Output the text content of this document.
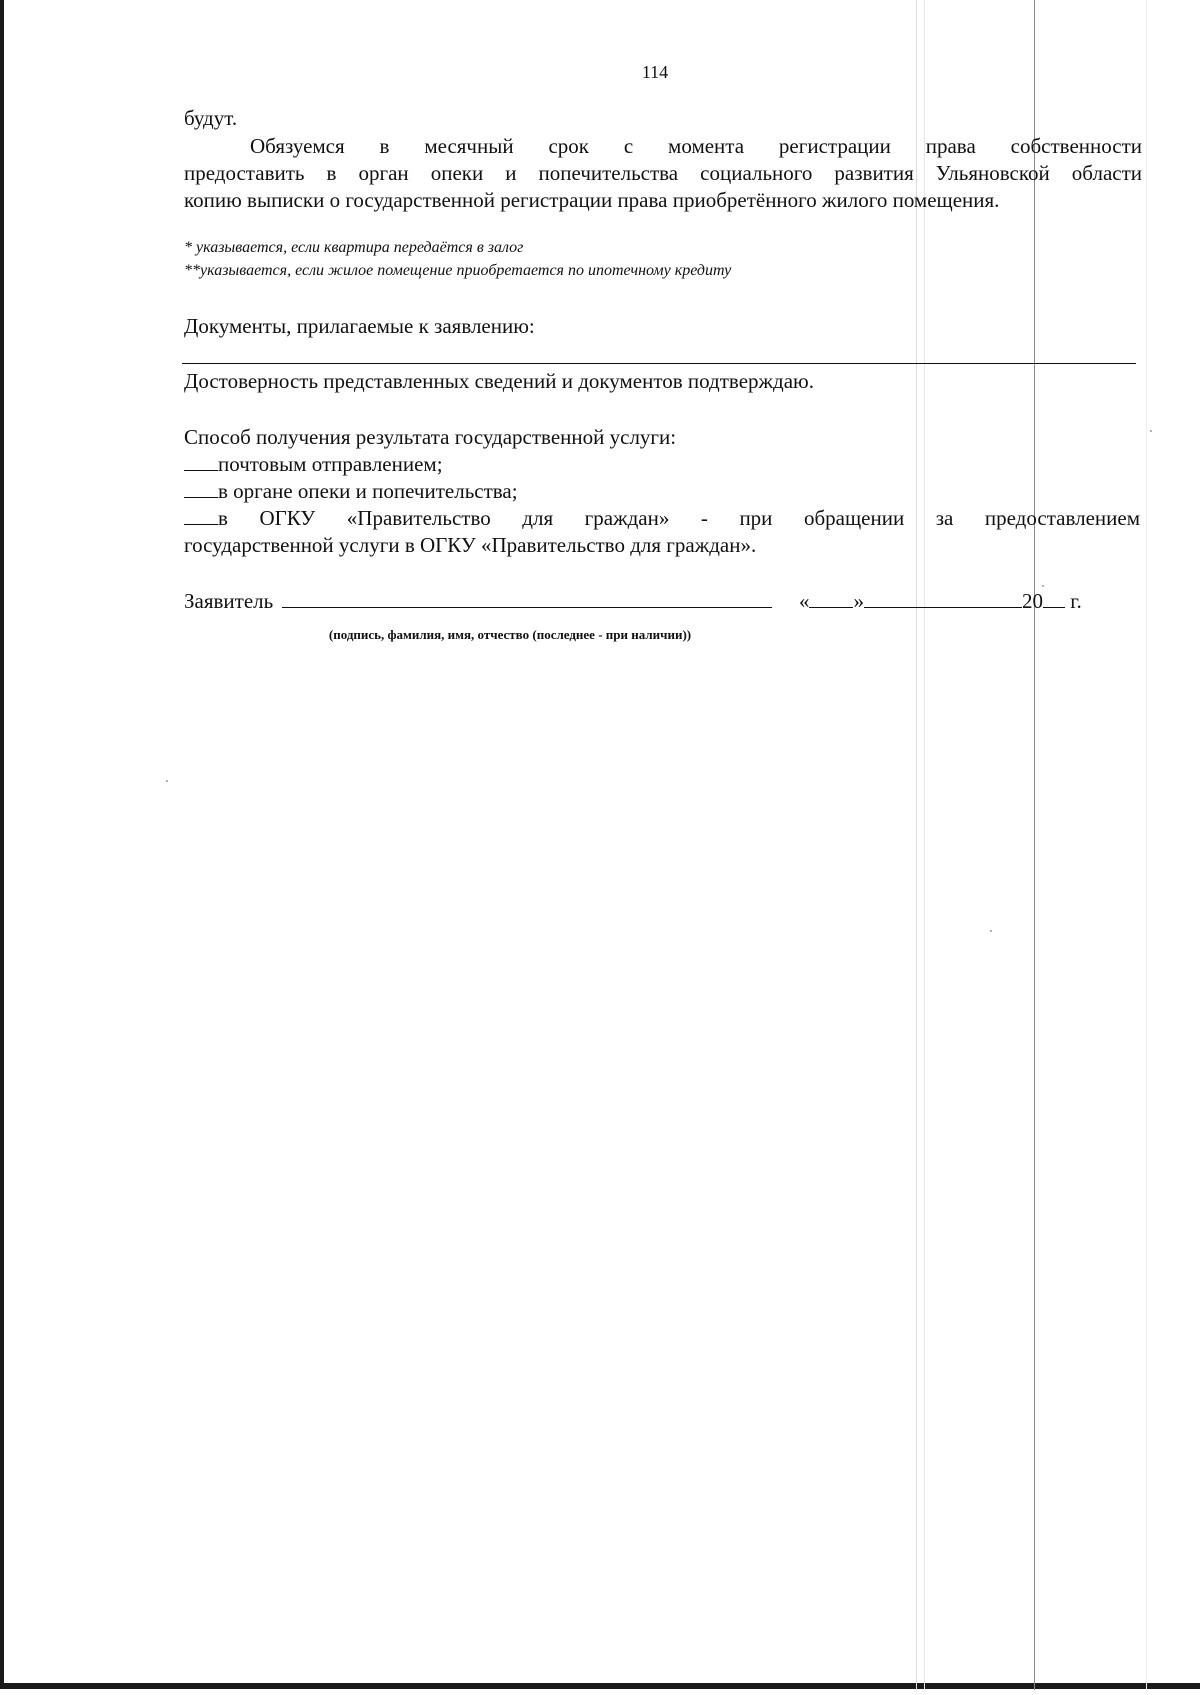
114
будут.
Обязуемся в месячный срок с момента регистрации права собственности
предоставить в орган опеки и попечительства социального развития Ульяновской области
копию выписки о государственной регистрации права приобретённого жилого помещения.
* указывается, если квартира передаётся в залог
**указывается, если жилое помещение приобретается по ипотечному кредиту
Документы, прилагаемые к заявлению:
Достоверность представленных сведений и документов подтверждаю.
Способ получения результата государственной услуги:
почтовым отправлением;
в органе опеки и попечительства;
в ОГКУ «Правительство для граждан» - при обращении за предоставлением
государственной услуги в ОГКУ «Правительство для граждан».
Заявитель	« »	20 г.
(подпись, фамилия, имя, отчество (последнее - при наличии))
